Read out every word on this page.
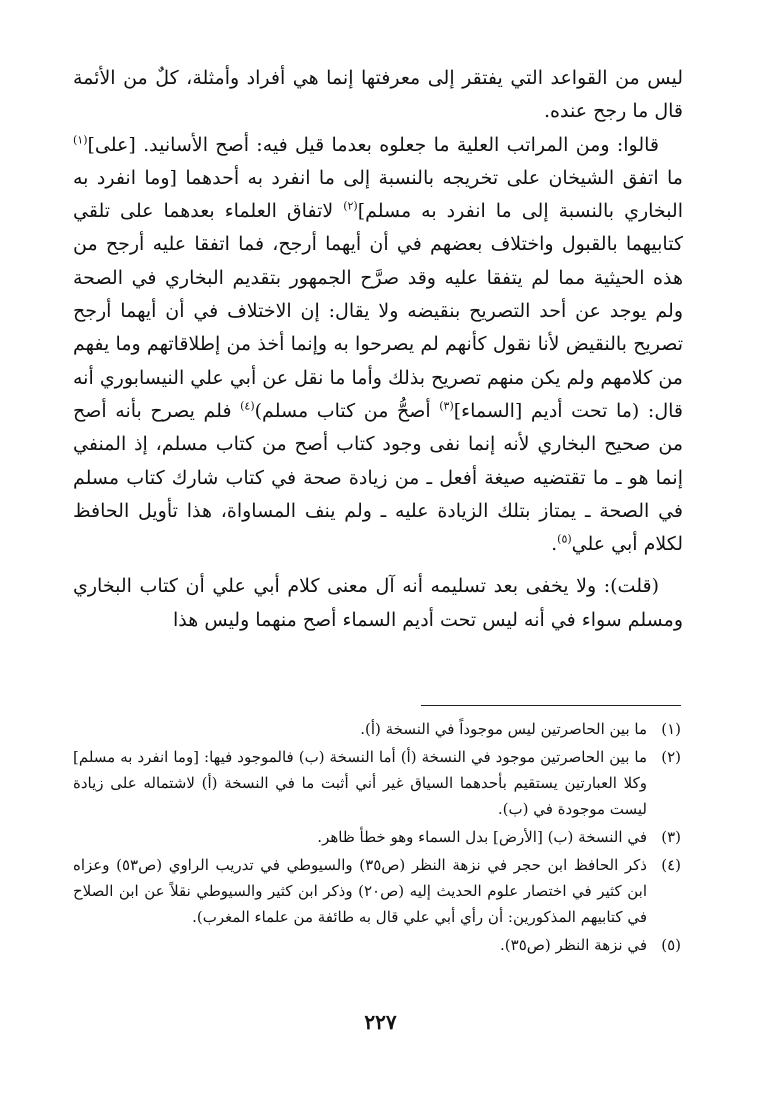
ليس من القواعد التي يفتقر إلى معرفتها إنما هي أفراد وأمثلة، كلٌ من الأئمة قال ما رجح عنده.

قالوا: ومن المراتب العلية ما جعلوه بعدما قيل فيه: أصح الأسانيد. [على]$^{(١)}$ ما اتفق الشيخان على تخريجه بالنسبة إلى ما انفرد به أحدهما [وما انفرد به البخاري بالنسبة إلى ما انفرد به مسلم]$^{(٢)}$ لاتفاق العلماء بعدهما على تلقي كتابيهما بالقبول واختلاف بعضهم في أن أيهما أرجح، فما اتفقا عليه أرجح من هذه الحيثية مما لم يتفقا عليه وقد صرَّح الجمهور بتقديم البخاري في الصحة ولم يوجد عن أحد التصريح بنقيضه ولا يقال: إن الاختلاف في أن أيهما أرجح تصريح بالنقيض لأنا نقول كأنهم لم يصرحوا به وإنما أخذ من إطلاقاتهم وما يفهم من كلامهم ولم يكن منهم تصريح بذلك وأما ما نقل عن أبي علي النيسابوري أنه قال: (ما تحت أديم [السماء]$^{(٣)}$ أصحُّ من كتاب مسلم)$^{(٤)}$ فلم يصرح بأنه أصح من صحيح البخاري لأنه إنما نفى وجود كتاب أصح من كتاب مسلم، إذ المنفي إنما هو ـ ما تقتضيه صيغة أفعل ـ من زيادة صحة في كتاب شارك كتاب مسلم في الصحة ـ يمتاز بتلك الزيادة عليه ـ ولم ينف المساواة، هذا تأويل الحافظ لكلام أبي علي$^{(٥)}$.

(قلت): ولا يخفى بعد تسليمه أنه آل معنى كلام أبي علي أن كتاب البخاري ومسلم سواء في أنه ليس تحت أديم السماء أصح منهما وليس هذا

(١)
ما بين الحاصرتين ليس موجوداً في النسخة (أ).
(٢)
ما بين الحاصرتين موجود في النسخة (أ) أما النسخة (ب) فالموجود فيها: [وما انفرد به مسلم] وكلا العبارتين يستقيم بأحدهما السياق غير أني أثبت ما في النسخة (أ) لاشتماله على زيادة ليست موجودة في (ب).
(٣)
في النسخة (ب) [الأرض] بدل السماء وهو خطأ ظاهر.
(٤)
ذكر الحافظ ابن حجر في نزهة النظر (ص٣٥) والسيوطي في تدريب الراوي (ص٥٣) وعزاه ابن كثير في اختصار علوم الحديث إليه (ص٢٠) وذكر ابن كثير والسيوطي نقلاً عن ابن الصلاح في كتابيهم المذكورين: أن رأي أبي علي قال به طائفة من علماء المغرب).
(٥)
في نزهة النظر (ص٣٥).
٢٢٧
